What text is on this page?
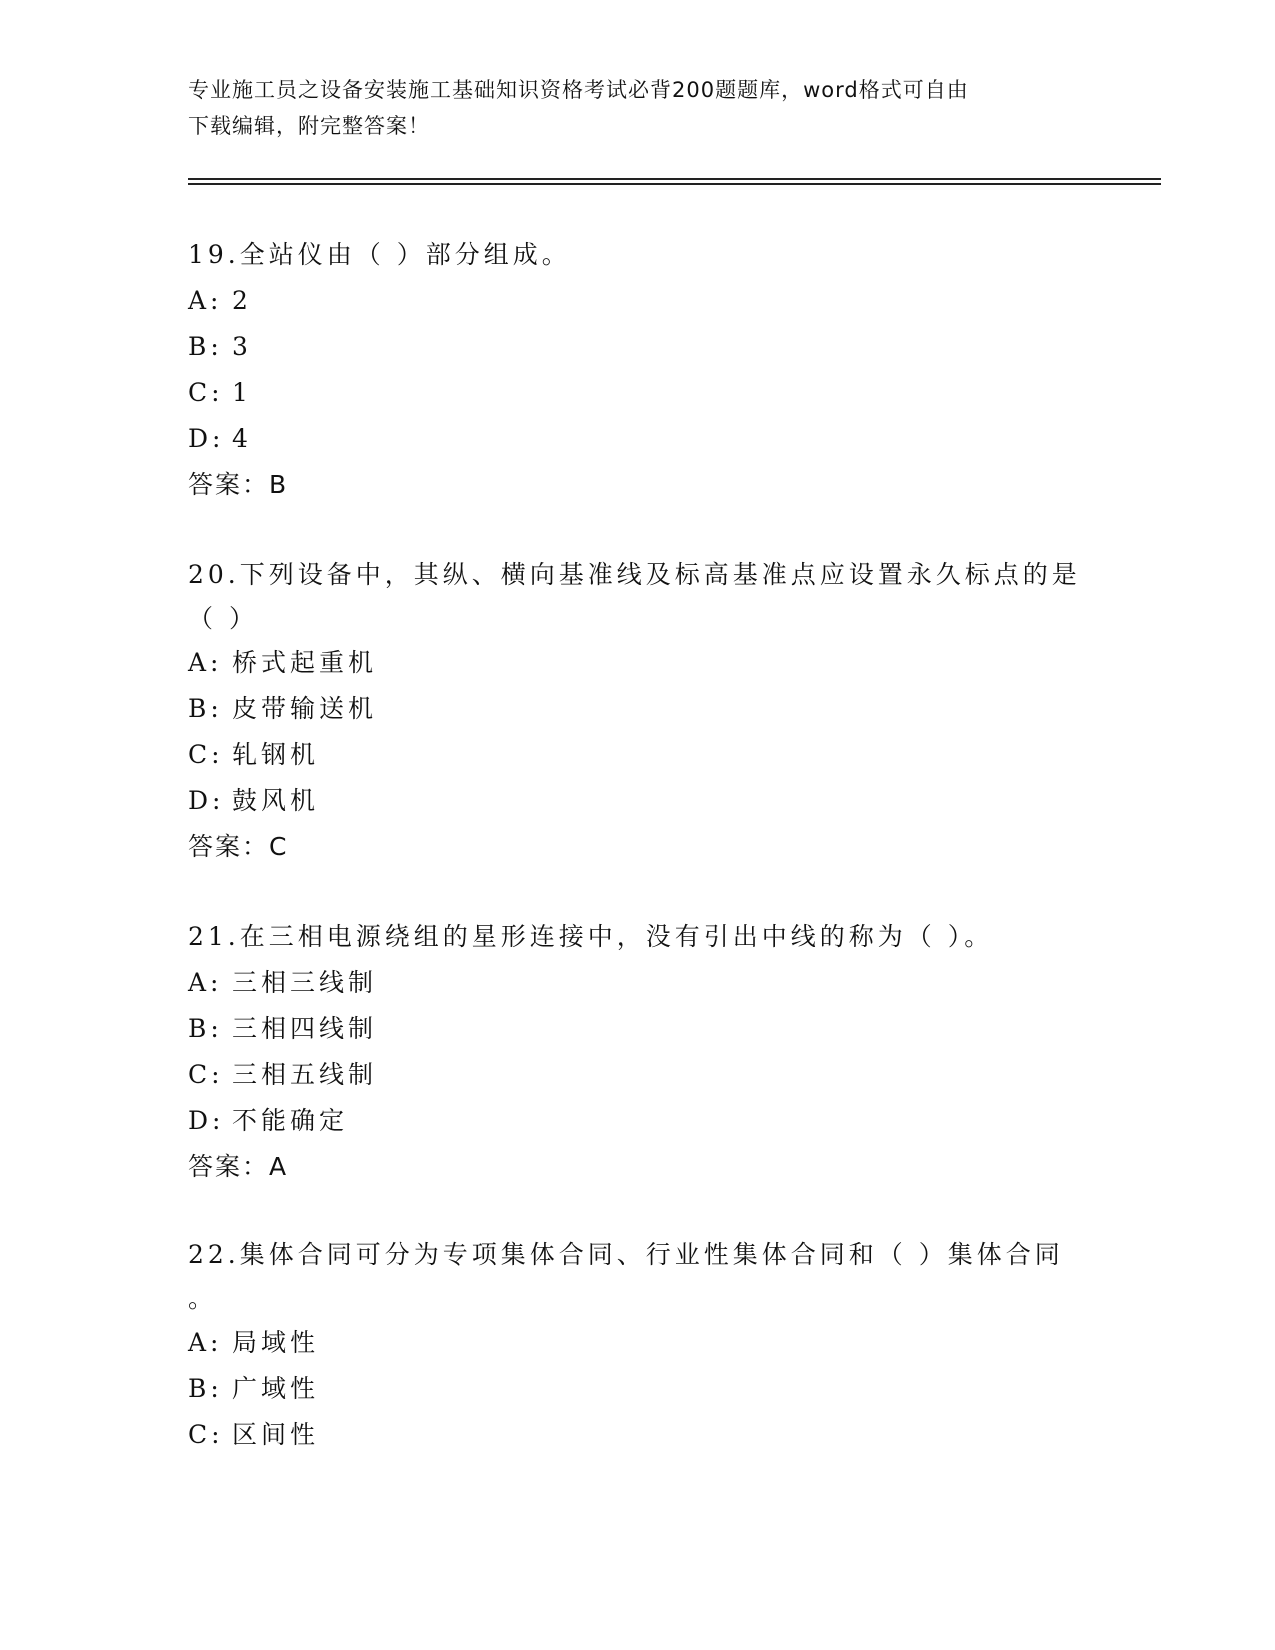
专业施工员之设备安装施工基础知识资格考试必背200题题库，word格式可自由
下载编辑，附完整答案！

19.全站仪由（ ）部分组成。

A: 2

B: 3

C: 1

D: 4

答案：B

20.下列设备中，其纵、横向基准线及标高基准点应设置永久标点的是

（ ）

A: 桥式起重机

B: 皮带输送机

C: 轧钢机

D: 鼓风机

答案：C

21.在三相电源绕组的星形连接中，没有引出中线的称为（ ）。

A: 三相三线制

B: 三相四线制

C: 三相五线制

D: 不能确定

答案：A

22.集体合同可分为专项集体合同、行业性集体合同和（ ）集体合同

。

A: 局域性

B: 广域性

C: 区间性
